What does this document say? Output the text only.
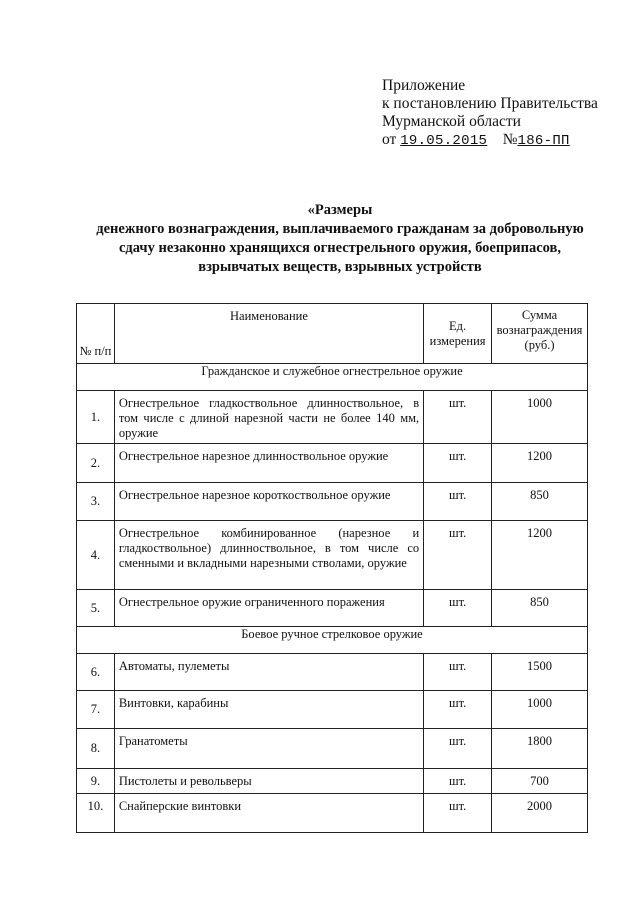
Приложение
к постановлению Правительства
Мурманской области
от 19.05.2015 №186-ПП
«Размеры
денежного вознаграждения, выплачиваемого гражданам за добровольную
сдачу незаконно хранящихся огнестрельного оружия, боеприпасов,
взрывчатых веществ, взрывных устройств
№ п/п	Наименование	Ед. измерения	Сумма вознаграждения (руб.)
Гражданское и служебное огнестрельное оружие			
1.	Огнестрельное гладкоствольное длинноствольное, в том числе с длиной нарезной части не более 140 мм, оружие	шт.	1000
2.	Огнестрельное нарезное длинноствольное оружие	шт.	1200
3.	Огнестрельное нарезное короткоствольное оружие	шт.	850
4.	Огнестрельное комбинированное (нарезное и гладкоствольное) длинноствольное, в том числе со сменными и вкладными нарезными стволами, оружие	шт.	1200
5.	Огнестрельное оружие ограниченного поражения	шт.	850
Боевое ручное стрелковое оружие			
6.	Автоматы, пулеметы	шт.	1500
7.	Винтовки, карабины	шт.	1000
8.	Гранатометы	шт.	1800
9.	Пистолеты и револьверы	шт.	700
10.	Снайперские винтовки	шт.	2000
